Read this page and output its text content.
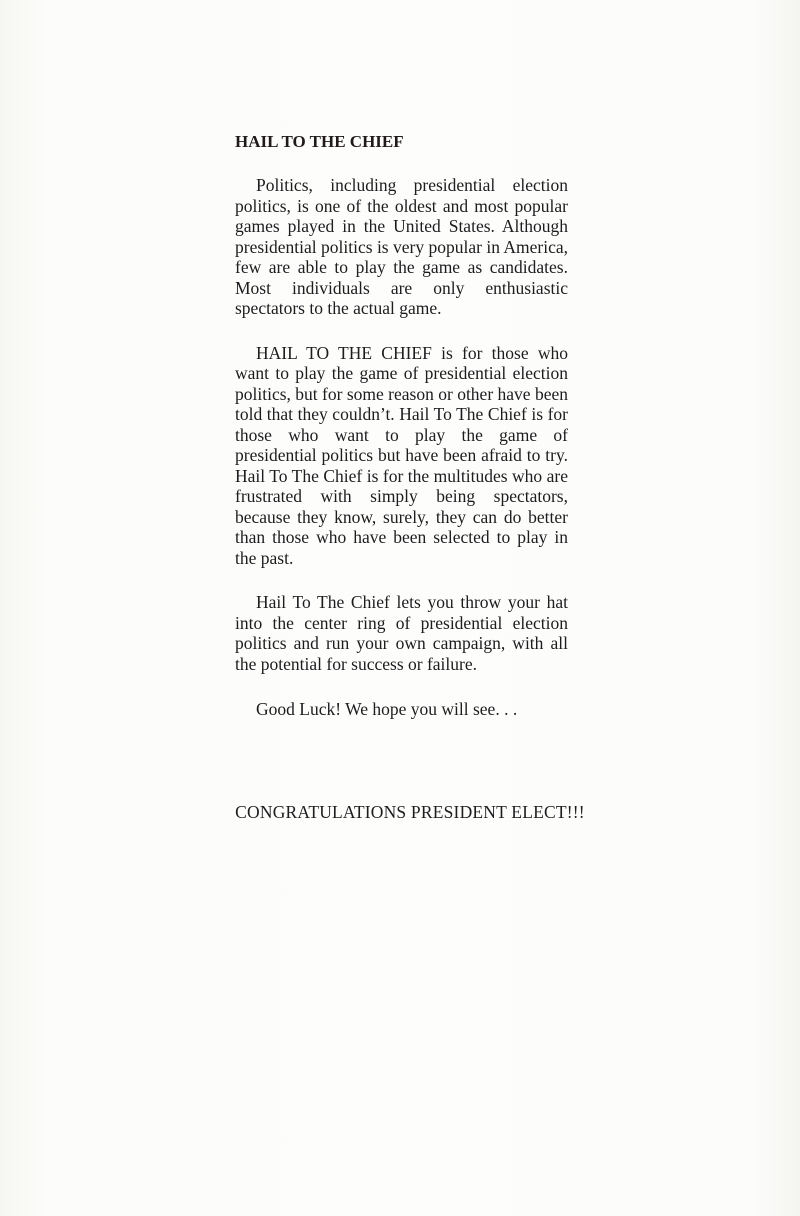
HAIL TO THE CHIEF

Politics, including presidential election politics, is one of the oldest and most popular games played in the United States. Although presidential politics is very popular in America, few are able to play the game as candidates. Most individuals are only enthusiastic spectators to the actual game.

HAIL TO THE CHIEF is for those who want to play the game of presidential election politics, but for some reason or other have been told that they couldn’t. Hail To The Chief is for those who want to play the game of presidential politics but have been afraid to try. Hail To The Chief is for the multitudes who are frustrated with simply being spectators, because they know, surely, they can do better than those who have been selected to play in the past.

Hail To The Chief lets you throw your hat into the center ring of presidential election politics and run your own campaign, with all the potential for success or failure.

Good Luck! We hope you will see. . .

CONGRATULATIONS PRESIDENT ELECT!!!
